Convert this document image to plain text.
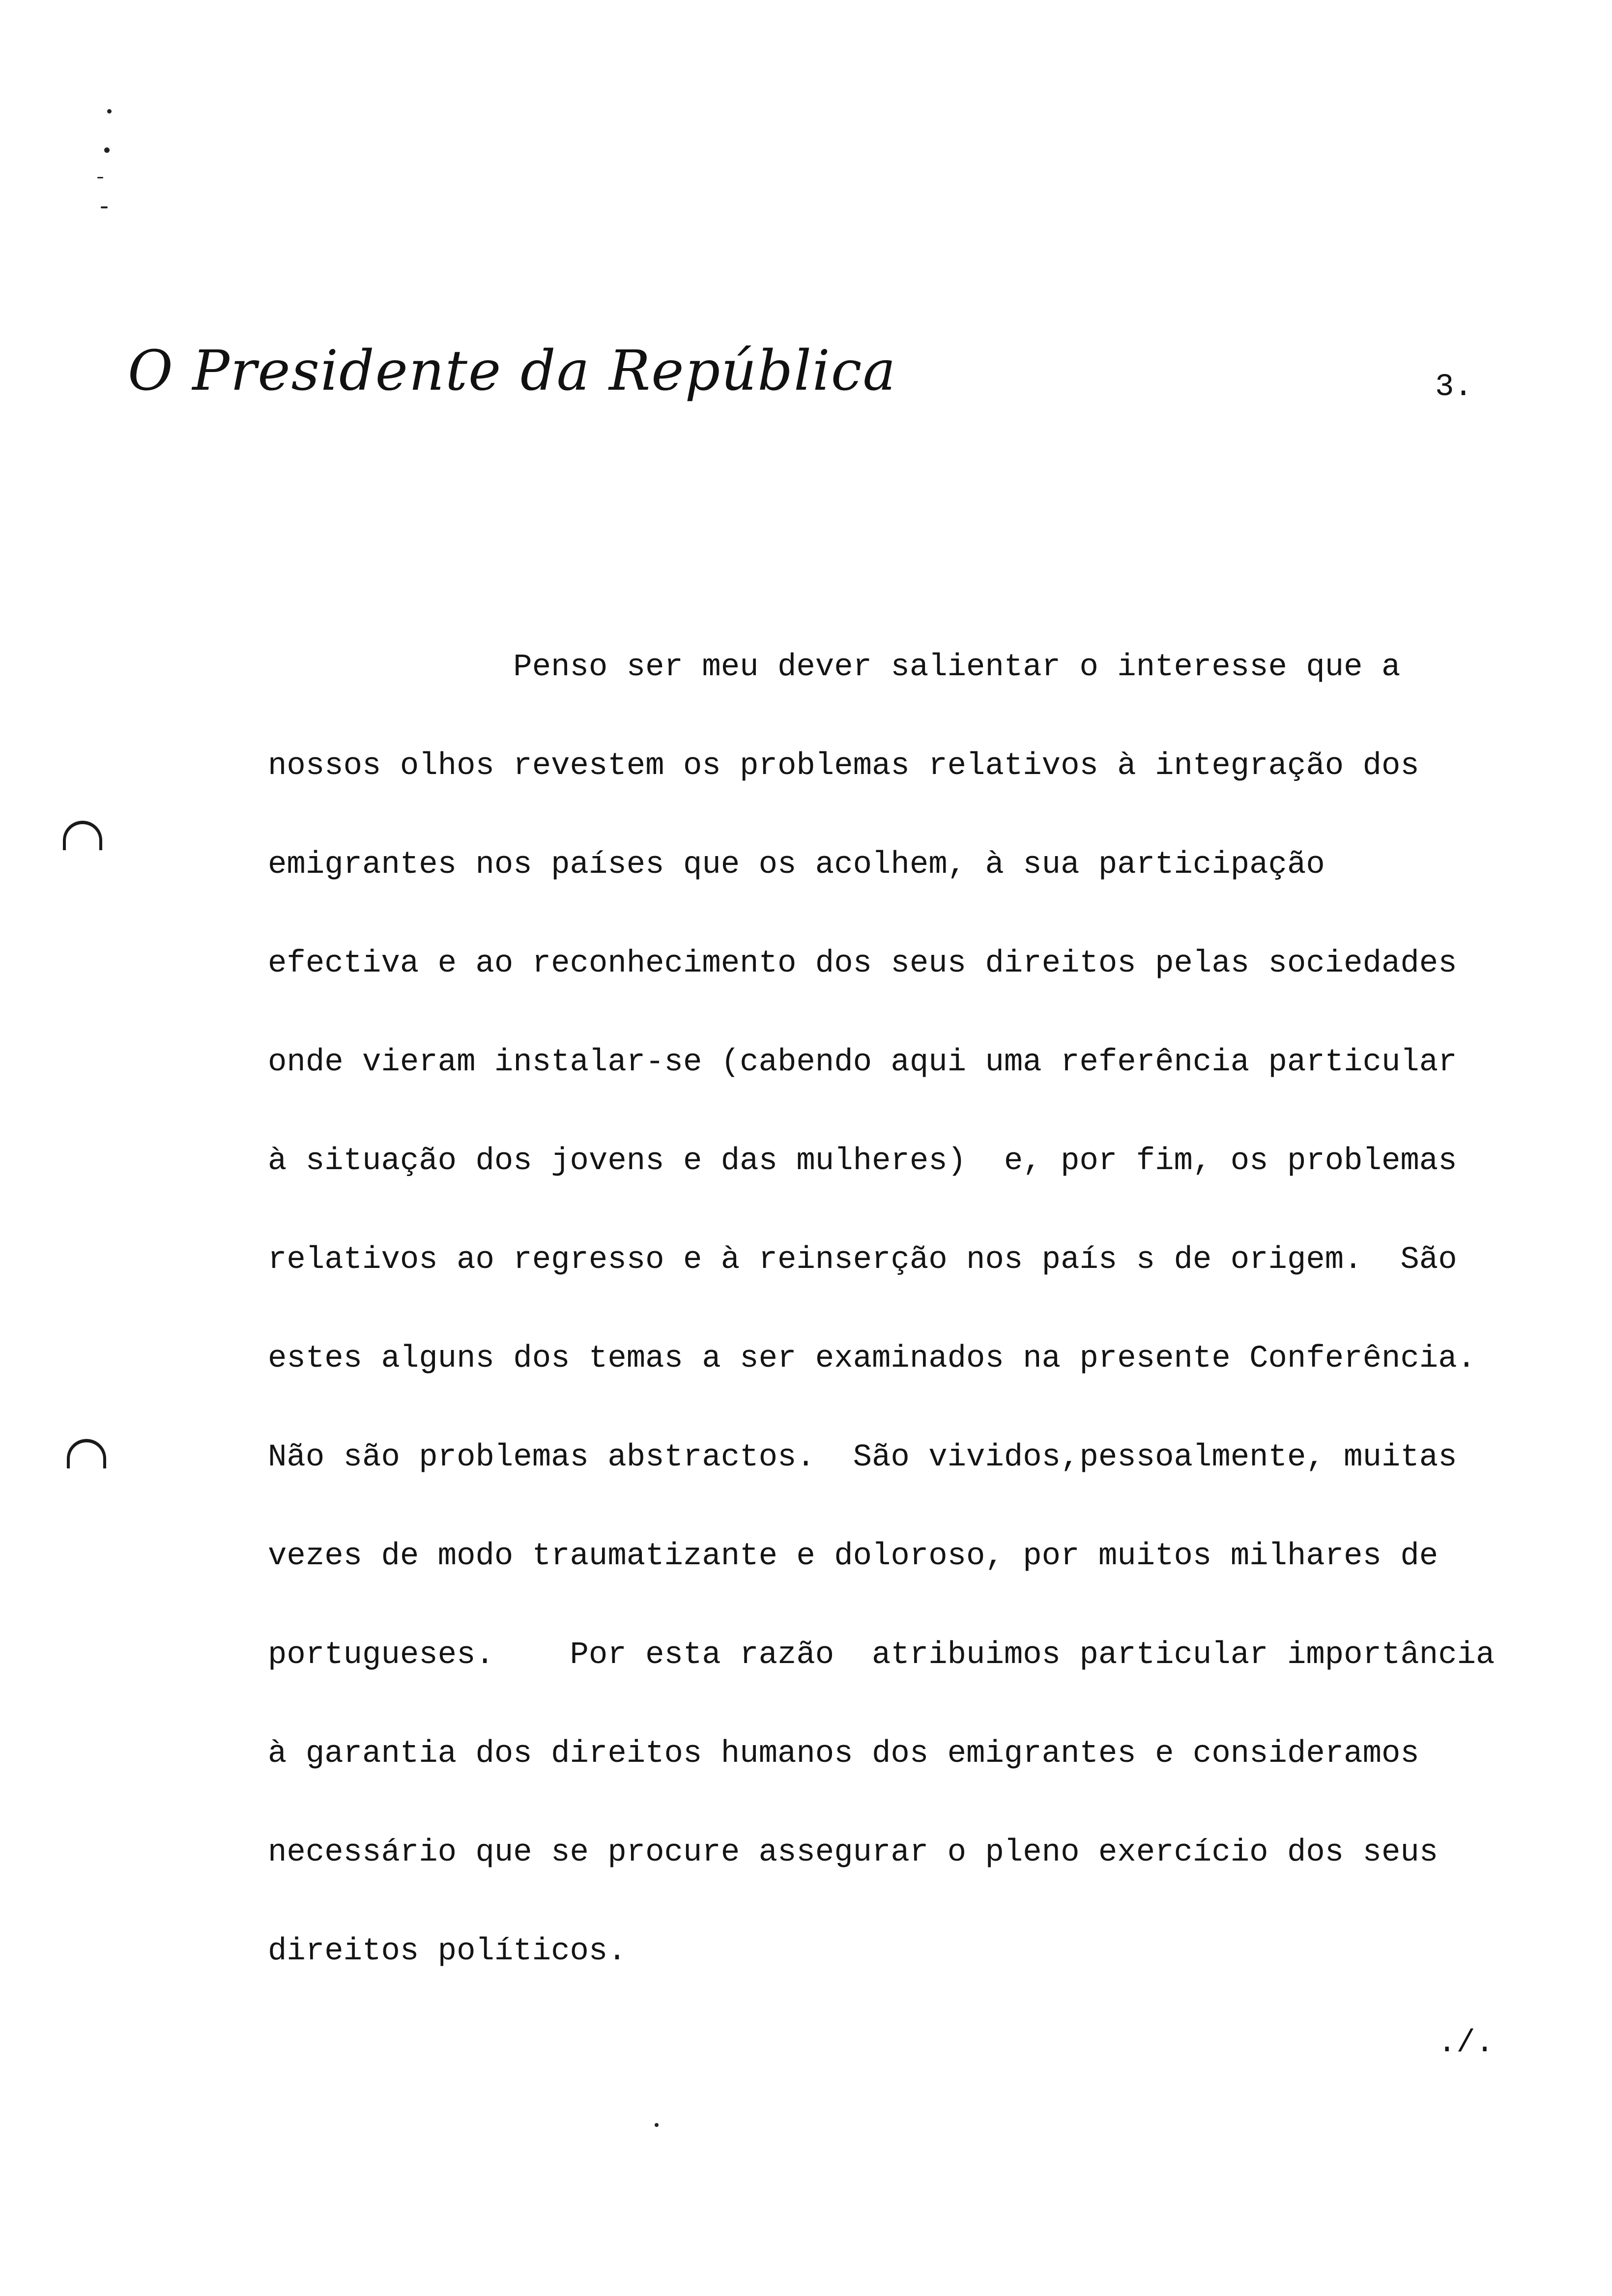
O Presidente da República	3.
Penso ser meu dever salientar o interesse que a
nossos olhos revestem os problemas relativos à integração dos
emigrantes nos países que os acolhem, à sua participação
efectiva e ao reconhecimento dos seus direitos pelas sociedades
onde vieram instalar-se (cabendo aqui uma referência particular
à situação dos jovens e das mulheres)  e, por fim, os problemas
relativos ao regresso e à reinserção nos país s de origem.  São
estes alguns dos temas a ser examinados na presente Conferência.
Não são problemas abstractos.  São vividos,pessoalmente, muitas
vezes de modo traumatizante e doloroso, por muitos milhares de
portugueses.    Por esta razão  atribuimos particular importância
à garantia dos direitos humanos dos emigrantes e consideramos
necessário que se procure assegurar o pleno exercício dos seus
direitos políticos.
./.
